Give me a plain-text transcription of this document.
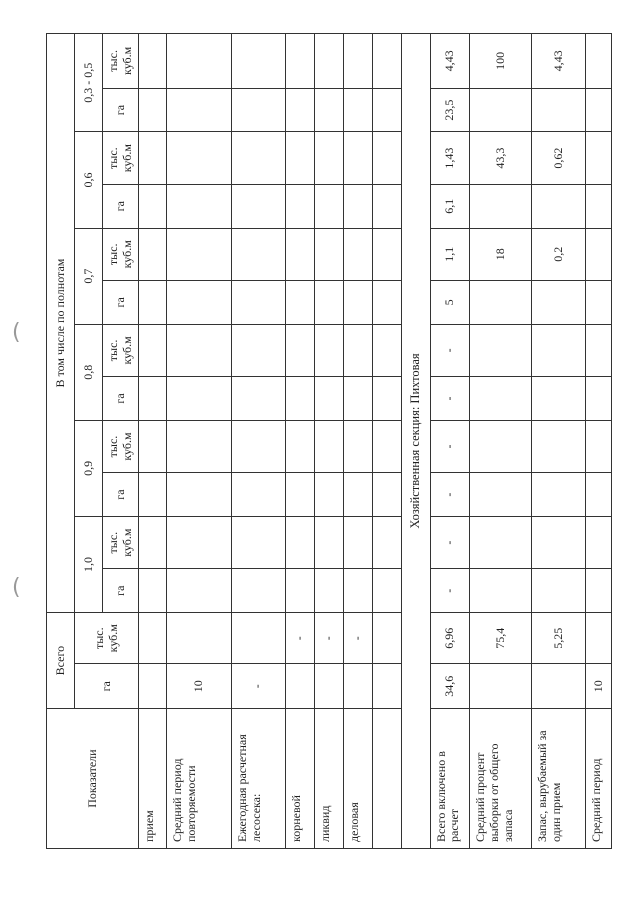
(
(
Показатели	Всего		В том числе по полнотам											
	га	тыс. куб.м	1,0		0,9		0,8		0,7		0,6		0,3 - 0,5	
			га	тыс. куб.м	га	тыс. куб.м	га	тыс. куб.м	га	тыс. куб.м	га	тыс. куб.м	га	тыс. куб.м
прием														
Средний период повторяемости	10													
Ежегодная расчетная лесосека:	-													
корневой		-												
ликвид		-												
деловая		-												

Хозяйственная секция: Пихтовая														
Всего включено в расчет	34,6	6,96	-	-	-	-	-	-	5	1,1	6,1	1,43	23,5	4,43
Средний процент выборки от общего запаса		75,4								18		43,3		100
Запас, вырубаемый за один прием		5,25								0,2		0,62		4,43
Средний период	10													
